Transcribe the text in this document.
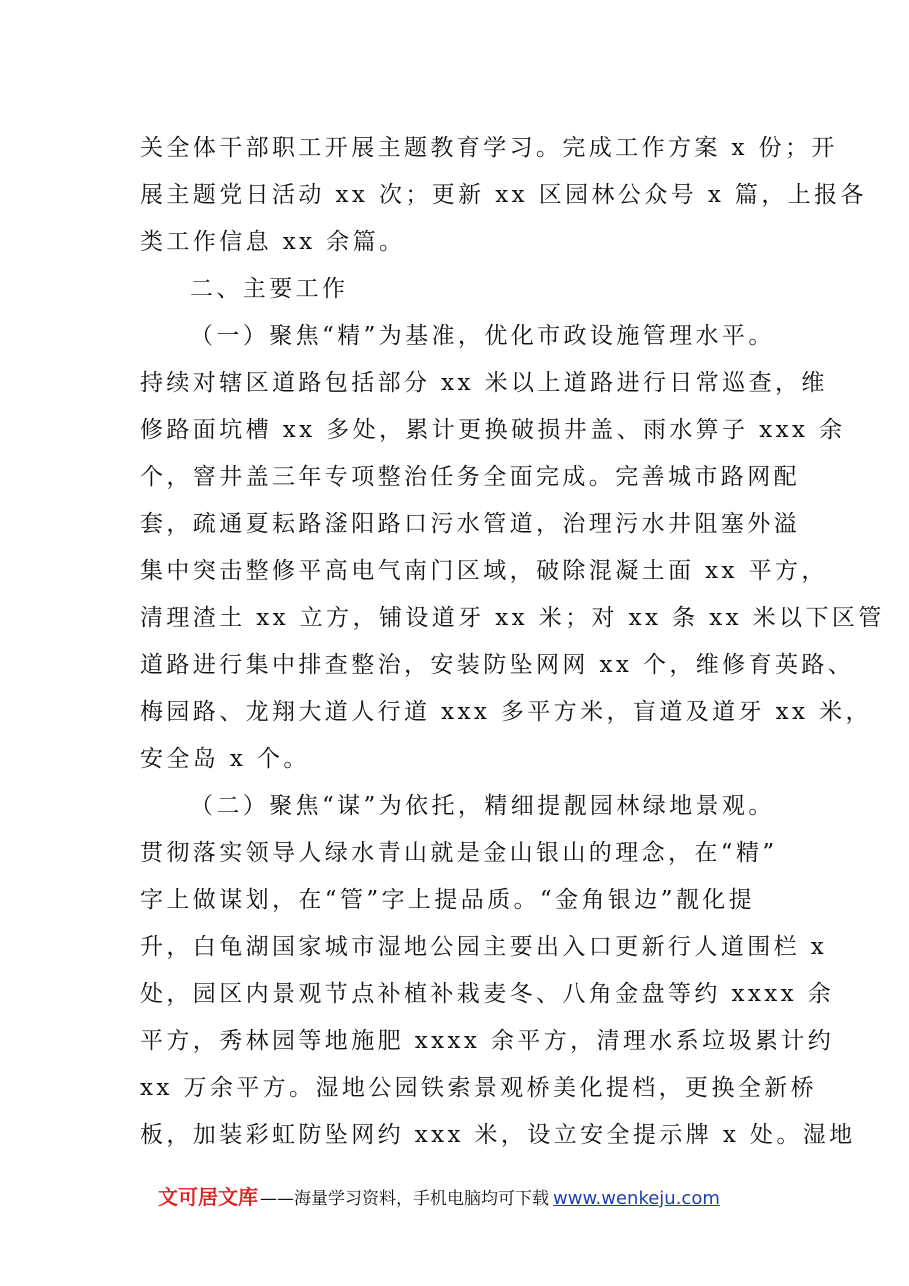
关全体干部职工开展主题教育学习。完成工作方案 x 份；开
展主题党日活动 xx 次；更新 xx 区园林公众号 x 篇，上报各
类工作信息 xx 余篇。
二、主要工作
（一）聚焦“精”为基准，优化市政设施管理水平。
持续对辖区道路包括部分 xx 米以上道路进行日常巡查，维
修路面坑槽 xx 多处，累计更换破损井盖、雨水箅子 xxx 余
个，窨井盖三年专项整治任务全面完成。完善城市路网配
套，疏通夏耘路滏阳路口污水管道，治理污水井阻塞外溢
集中突击整修平高电气南门区域，破除混凝土面 xx 平方，
清理渣土 xx 立方，铺设道牙 xx 米；对 xx 条 xx 米以下区管
道路进行集中排查整治，安装防坠网网 xx 个，维修育英路、
梅园路、龙翔大道人行道 xxx 多平方米，盲道及道牙 xx 米，
安全岛 x 个。
（二）聚焦“谋”为依托，精细提靓园林绿地景观。
贯彻落实领导人绿水青山就是金山银山的理念，在“精”
字上做谋划，在“管”字上提品质。“金角银边”靓化提
升，白龟湖国家城市湿地公园主要出入口更新行人道围栏 x
处，园区内景观节点补植补栽麦冬、八角金盘等约 xxxx 余
平方，秀林园等地施肥 xxxx 余平方，清理水系垃圾累计约
xx 万余平方。湿地公园铁索景观桥美化提档，更换全新桥
板，加装彩虹防坠网约 xxx 米，设立安全提示牌 x 处。湿地
文可居文库 ——海量学习资料，手机电脑均可下载 www.wenkeju.com
